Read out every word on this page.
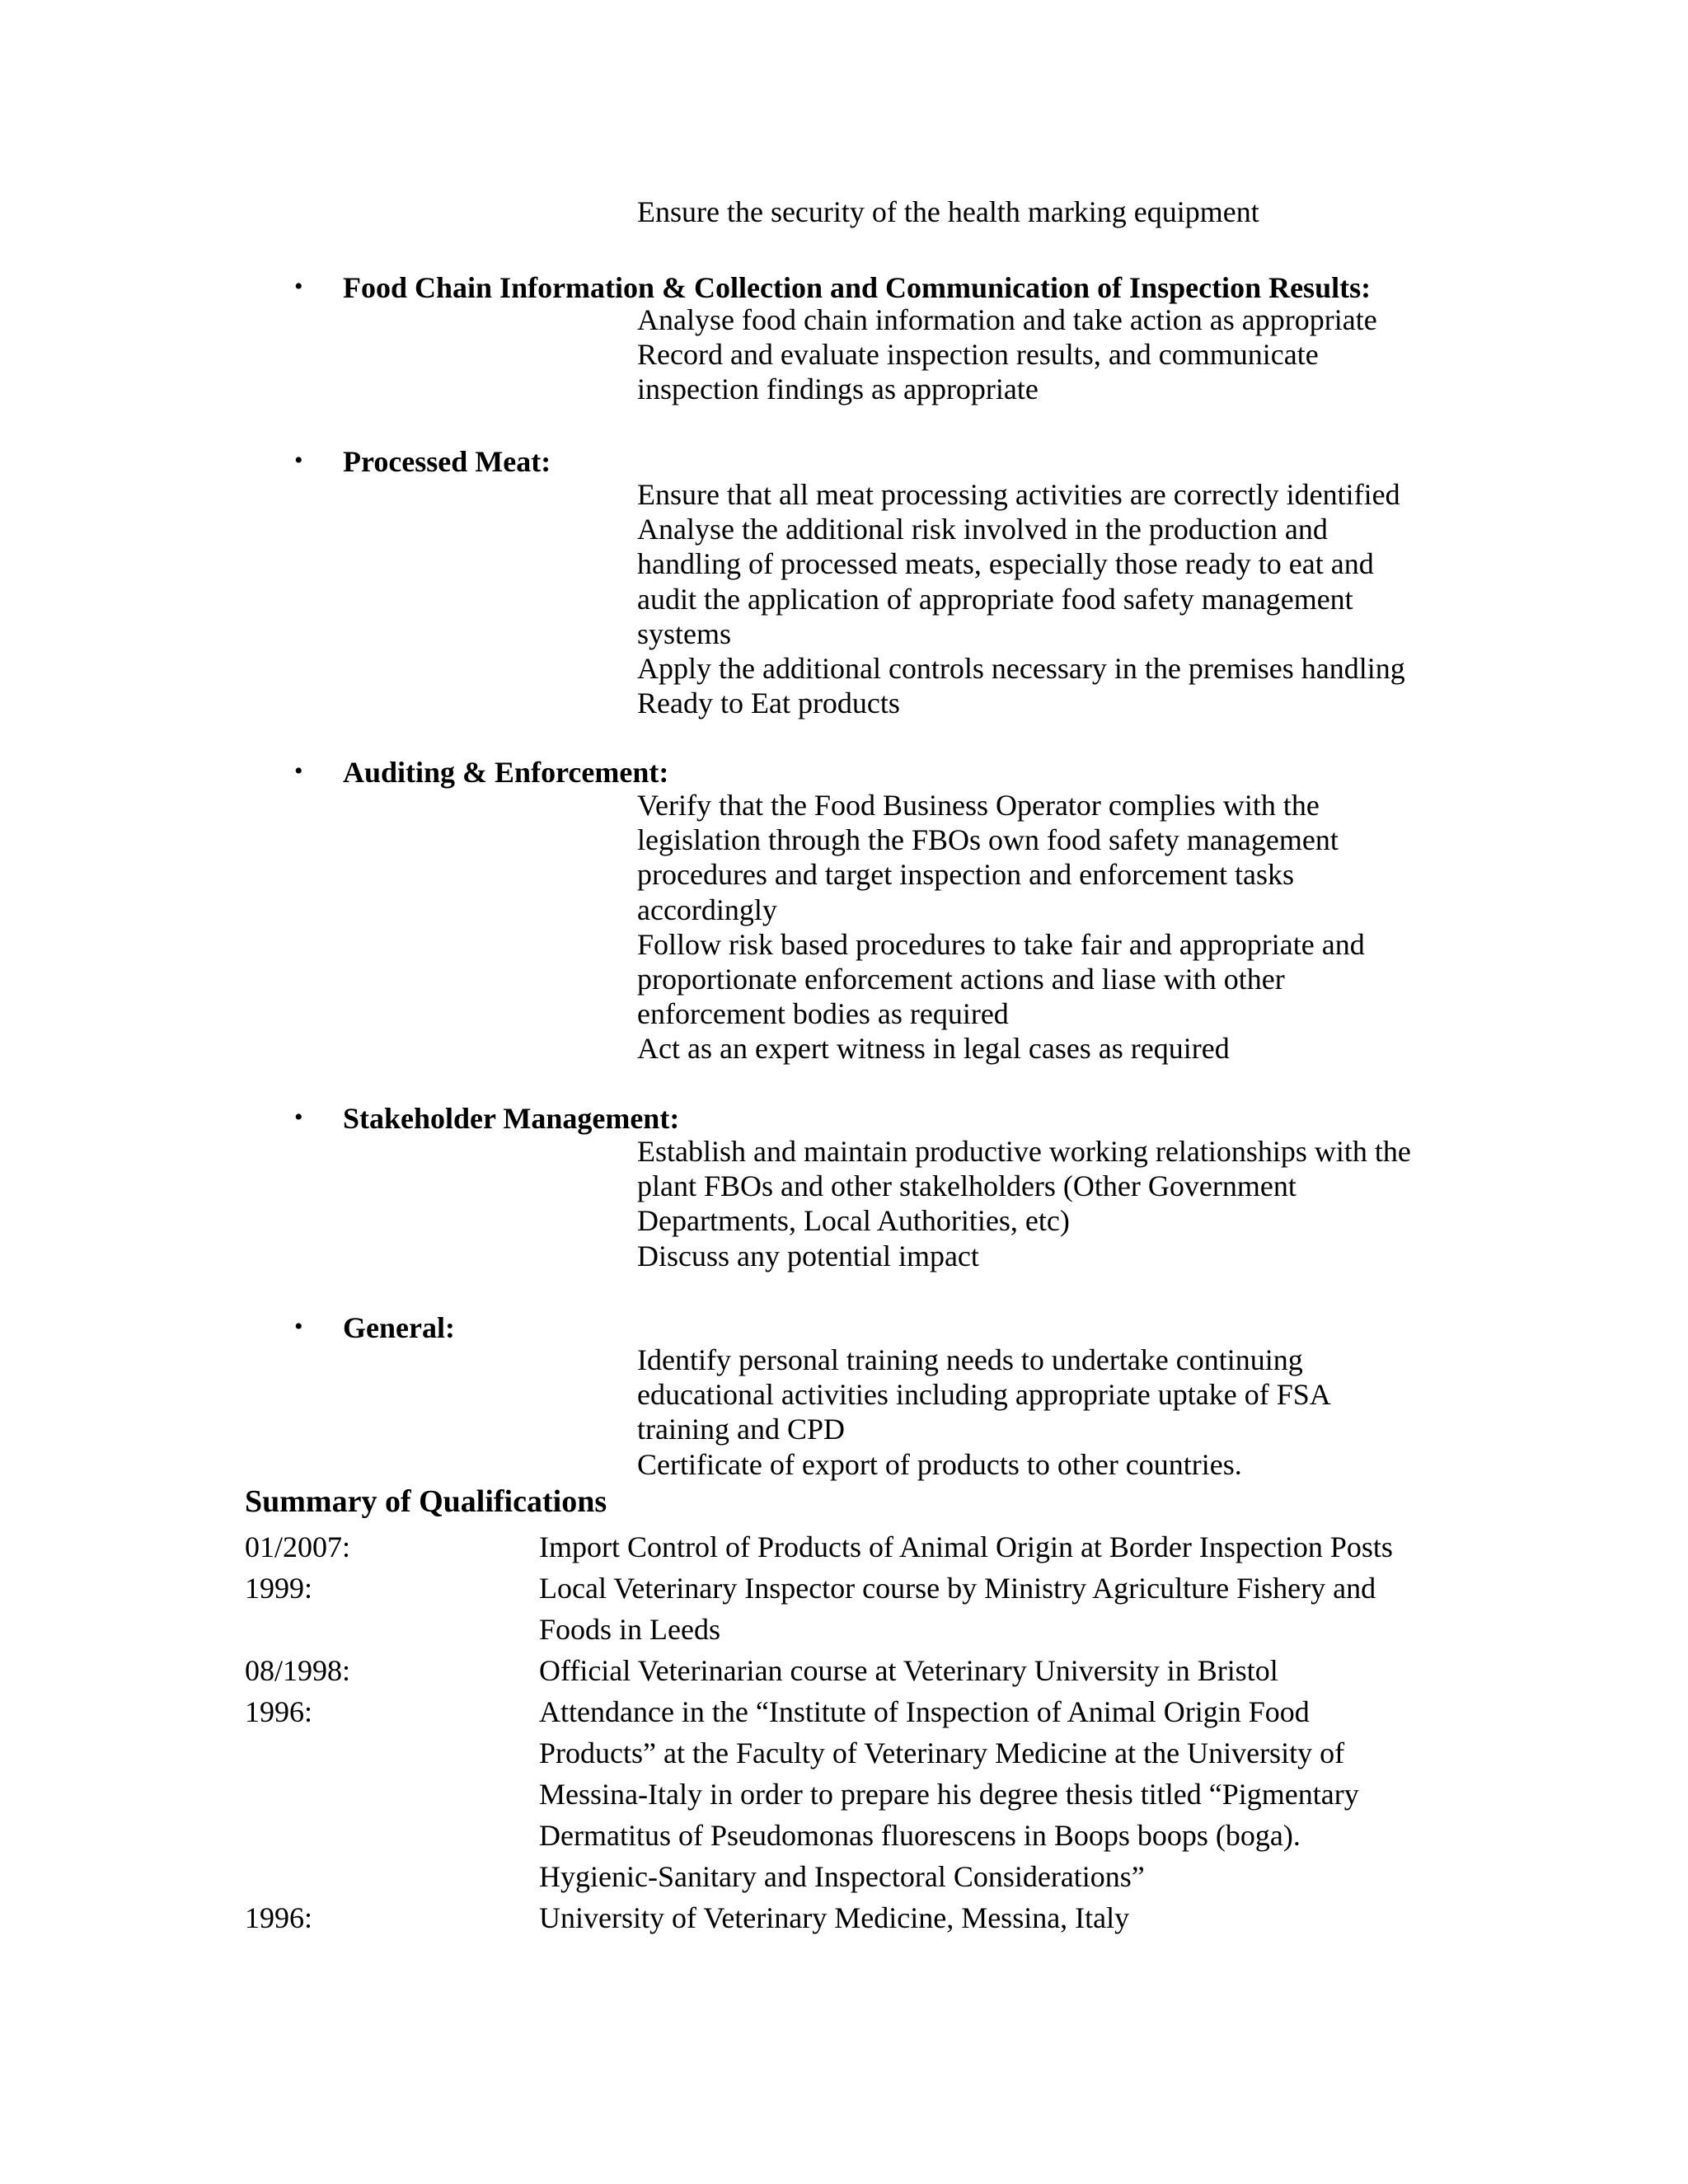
Ensure the security of the health marking equipment
• Food Chain Information & Collection and Communication of Inspection Results:
Analyse food chain information and take action as appropriate
Record and evaluate inspection results, and communicate
inspection findings as appropriate
• Processed Meat:
Ensure that all meat processing activities are correctly identified
Analyse the additional risk involved in the production and
handling of processed meats, especially those ready to eat and
audit the application of appropriate food safety management
systems
Apply the additional controls necessary in the premises handling
Ready to Eat products
• Auditing & Enforcement:
Verify that the Food Business Operator complies with the
legislation through the FBOs own food safety management
procedures and target inspection and enforcement tasks
accordingly
Follow risk based procedures to take fair and appropriate and
proportionate enforcement actions and liase with other
enforcement bodies as required
Act as an expert witness in legal cases as required
• Stakeholder Management:
Establish and maintain productive working relationships with the
plant FBOs and other stakelholders (Other Government
Departments, Local Authorities, etc)
Discuss any potential impact
• General:
Identify personal training needs to undertake continuing
educational activities including appropriate uptake of FSA
training and CPD
Certificate of export of products to other countries.
Summary of Qualifications
01/2007:	Import Control of Products of Animal Origin at Border Inspection Posts
1999:	Local Veterinary Inspector course by Ministry Agriculture Fishery and
Foods in Leeds
08/1998:	Official Veterinarian course at Veterinary University in Bristol
1996:	Attendance in the “Institute of Inspection of Animal Origin Food
Products” at the Faculty of Veterinary Medicine at the University of
Messina-Italy in order to prepare his degree thesis titled “Pigmentary
Dermatitus of Pseudomonas fluorescens in Boops boops (boga).
Hygienic-Sanitary and Inspectoral Considerations”
1996:	University of Veterinary Medicine, Messina, Italy
